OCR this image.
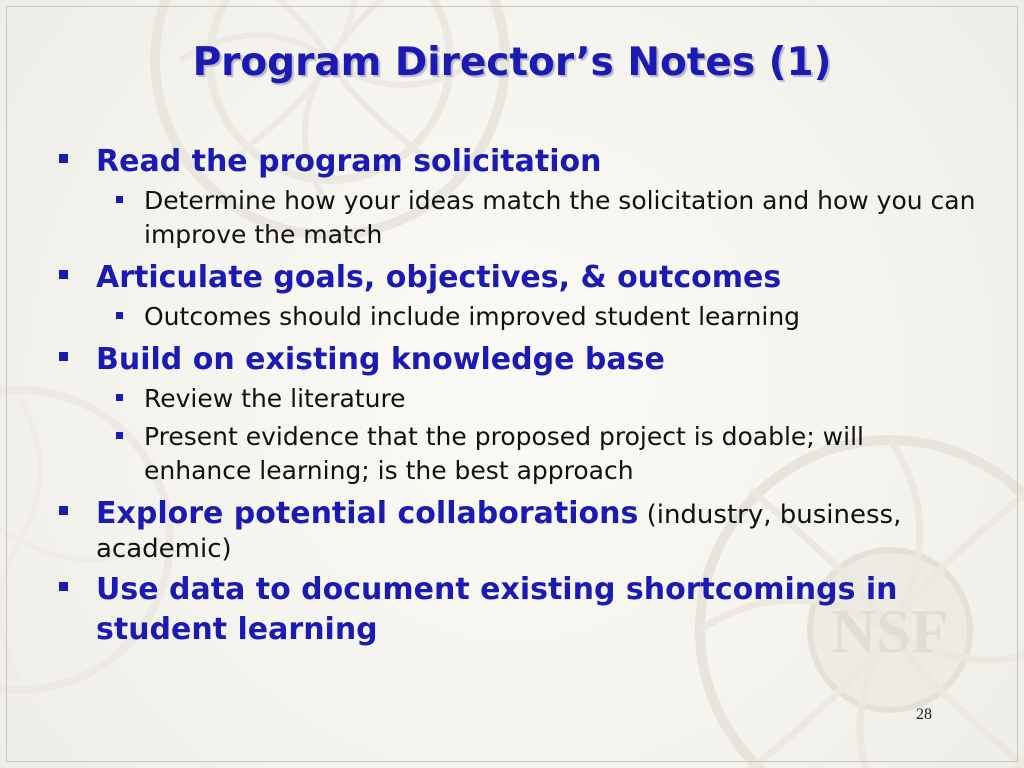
NSF
Program Director’s Notes (1)
Read the program solicitation
Determine how your ideas match the solicitation and how you can improve the match
Articulate goals, objectives, & outcomes
Outcomes should include improved student learning
Build on existing knowledge base
Review the literature
Present evidence that the proposed project is doable; will enhance learning; is the best approach
Explore potential collaborations (industry, business, academic)
Use data to document existing shortcomings in student learning
28
